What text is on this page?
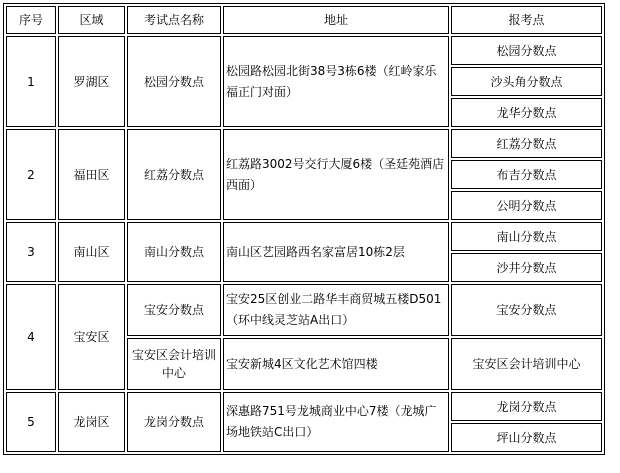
序号	区域	考试点名称	地址	报考点
1	罗湖区	松园分数点	松园路松园北街38号3栋6楼（红岭家乐福正门对面）	松园分数点
				沙头角分数点
				龙华分数点
2	福田区	红荔分数点	红荔路3002号交行大厦6楼（圣廷苑酒店西面）	红荔分数点
				布吉分数点
				公明分数点
3	南山区	南山分数点	南山区艺园路西名家富居10栋2层	南山分数点
				沙井分数点
4	宝安区	宝安分数点	宝安25区创业二路华丰商贸城五楼D501（环中线灵芝站A出口）	宝安分数点
		宝安区会计培训中心	宝安新城4区文化艺术馆四楼	宝安区会计培训中心
5	龙岗区	龙岗分数点	深惠路751号龙城商业中心7楼（龙城广场地铁站C出口）	龙岗分数点
				坪山分数点
